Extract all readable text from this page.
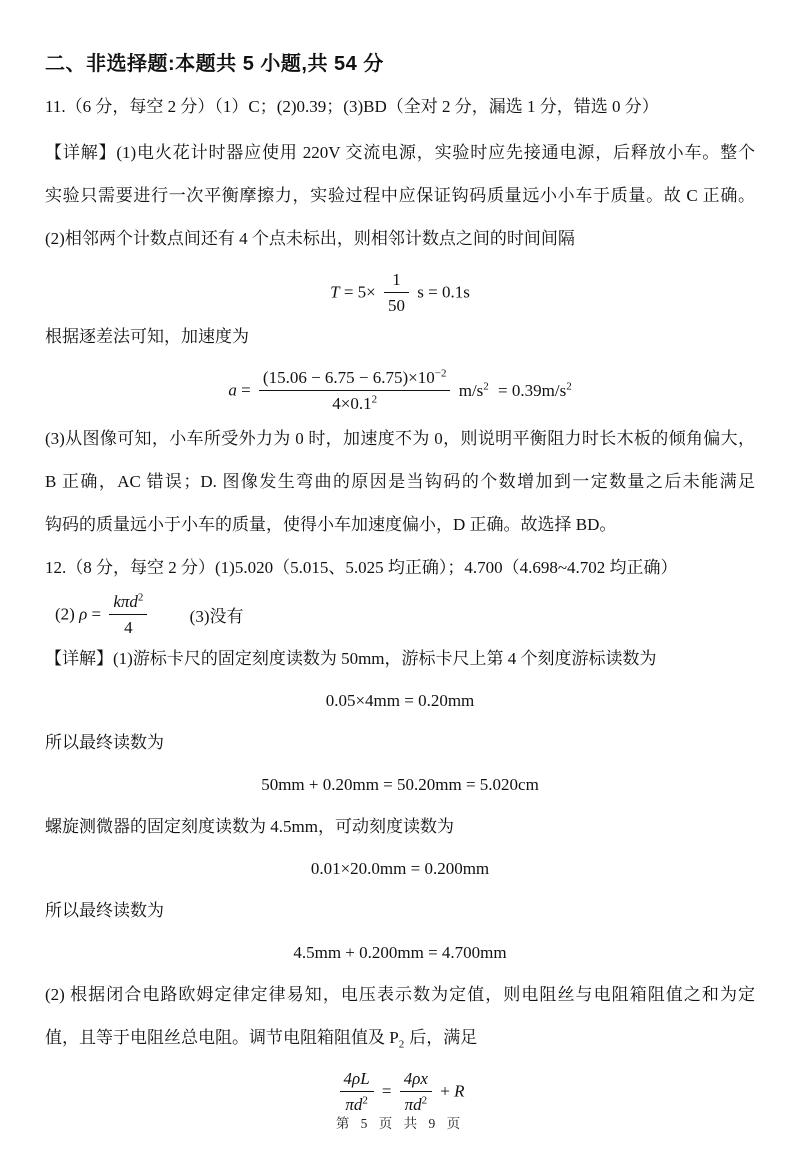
二、非选择题:本题共 5 小题,共 54 分
11.（6 分，每空 2 分）（1）C；(2)0.39；(3)BD（全对 2 分，漏选 1 分，错选 0 分）
【详解】(1)电火花计时器应使用 220V 交流电源，实验时应先接通电源，后释放小车。整个
实验只需要进行一次平衡摩擦力，实验过程中应保证钩码质量远小小车于质量。故 C 正确。
(2)相邻两个计数点间还有 4 个点未标出，则相邻计数点之间的时间间隔
$T = 5\times \frac{1}{50}$ s = 0.1s
根据逐差法可知，加速度为
$a = \frac{(15.06 - 6.75 - 6.75)\times 10^{-2}}{4\times 0.1^2} m/s^2 = 0.39m/s^2$
(3)从图像可知，小车所受外力为 0 时，加速度不为 0，则说明平衡阻力时长木板的倾角偏大，
B 正确，AC 错误；D. 图像发生弯曲的原因是当钩码的个数增加到一定数量之后未能满足
钩码的质量远小于小车的质量，使得小车加速度偏小，D 正确。故选择 BD。
12.（8 分，每空 2 分）(1)5.020（5.015、5.025 均正确）；4.700（4.698~4.702 均正确）
(2) $\rho = \frac{k\pi d^2}{4} (3)$没有
【详解】(1)游标卡尺的固定刻度读数为 50mm，游标卡尺上第 4 个刻度游标读数为
0.05×4mm = 0.20mm
所以最终读数为
50mm + 0.20mm = 50.20mm = 5.020cm
螺旋测微器的固定刻度读数为 4.5mm，可动刻度读数为
0.01×20.0mm = 0.200mm
所以最终读数为
4.5mm + 0.200mm = 4.700mm
(2) 根据闭合电路欧姆定律定律易知，电压表示数为定值，则电阻丝与电阻箱阻值之和为定
值，且等于电阻丝总电阻。调节电阻箱阻值及 $P_2$ 后，满足
$\frac{4\rho L}{\pi d^2} = \frac{4\rho x}{\pi d^2} + R$
第 5 页 共 9 页
